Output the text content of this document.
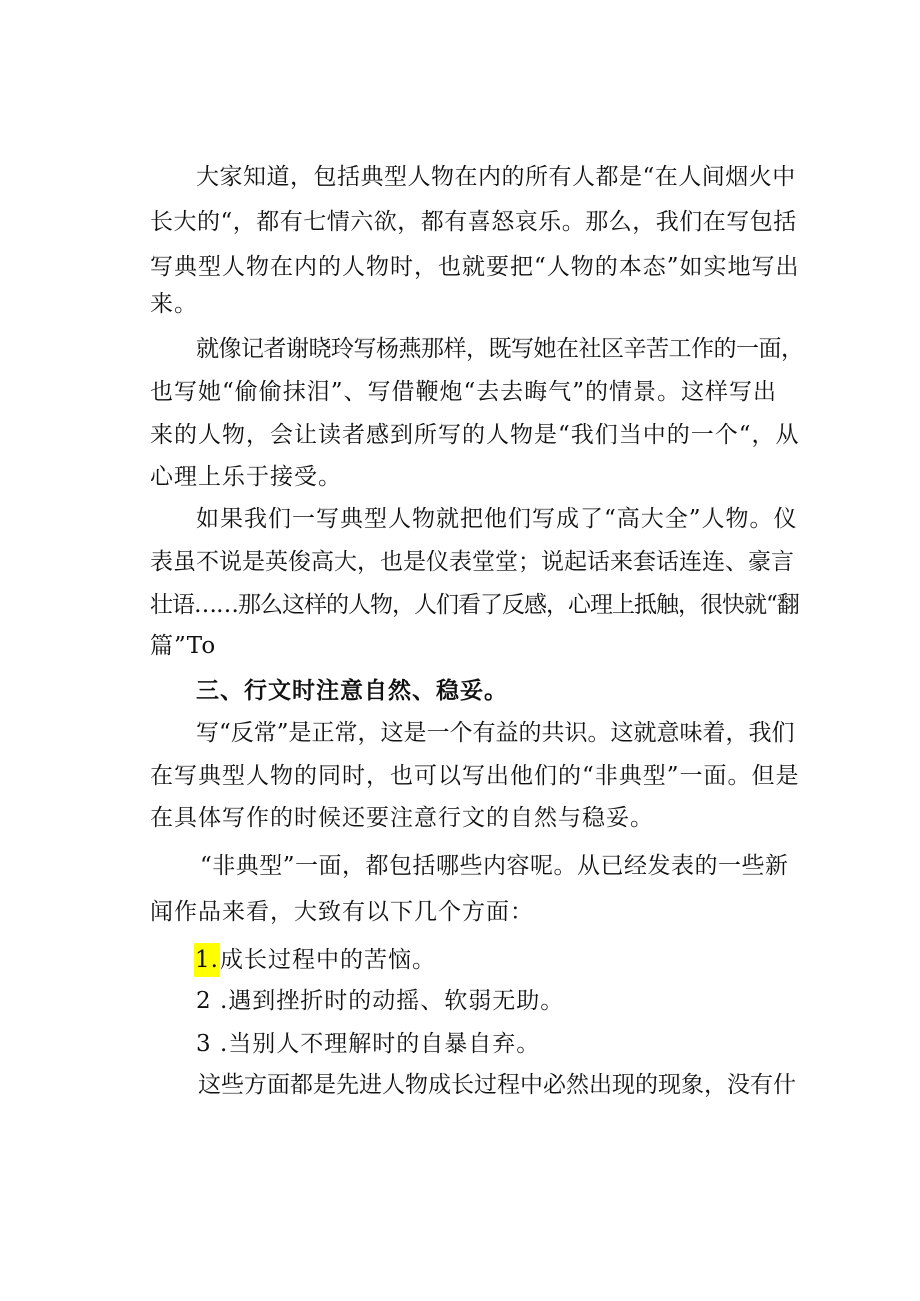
大家知道，包括典型人物在内的所有人都是“在人间烟火中
长大的“，都有七情六欲，都有喜怒哀乐。那么，我们在写包括
写典型人物在内的人物时，也就要把“人物的本态”如实地写出
来。
就像记者谢晓玲写杨燕那样，既写她在社区辛苦工作的一面，
也写她“偷偷抹泪”、写借鞭炮“去去晦气”的情景。这样写出
来的人物，会让读者感到所写的人物是“我们当中的一个“，从
心理上乐于接受。
如果我们一写典型人物就把他们写成了“高大全”人物。仪
表虽不说是英俊高大，也是仪表堂堂；说起话来套话连连、豪言
壮语……那么这样的人物，人们看了反感，心理上抵触，很快就“翻
篇”To
三、行文时注意自然、稳妥。
写“反常”是正常，这是一个有益的共识。这就意味着，我们
在写典型人物的同时，也可以写出他们的“非典型”一面。但是
在具体写作的时候还要注意行文的自然与稳妥。
“非典型”一面，都包括哪些内容呢。从已经发表的一些新
闻作品来看，大致有以下几个方面：
1.成长过程中的苦恼。
2 .遇到挫折时的动摇、软弱无助。
3 .当别人不理解时的自暴自弃。
这些方面都是先进人物成长过程中必然出现的现象，没有什
